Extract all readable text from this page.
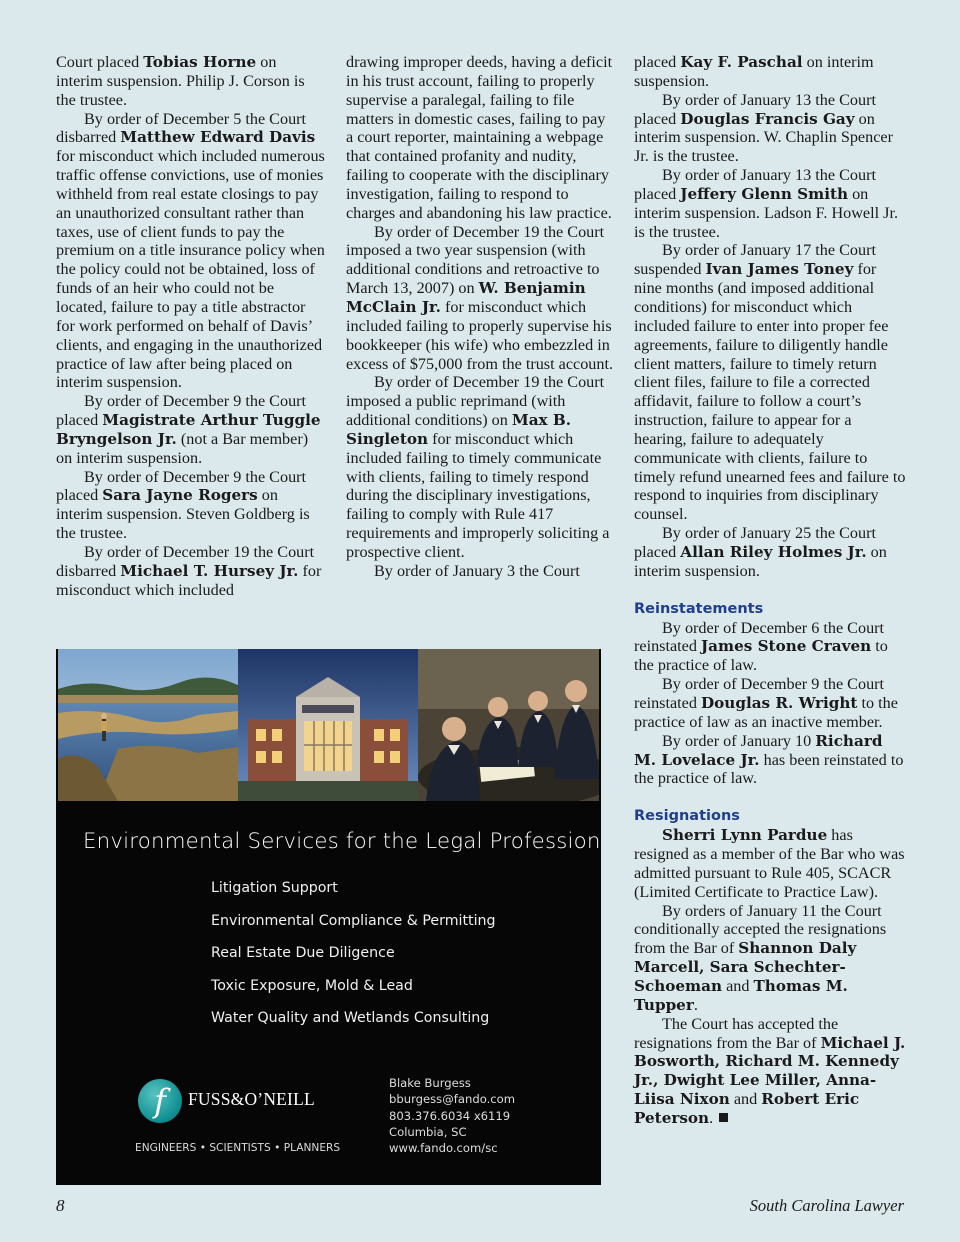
Court placed Tobias Horne on interim suspension. Philip J. Corson is the trustee.

By order of December 5 the Court disbarred Matthew Edward Davis for misconduct which included numerous traffic offense convictions, use of monies withheld from real estate closings to pay an unauthorized consultant rather than taxes, use of client funds to pay the premium on a title insurance policy when the policy could not be obtained, loss of funds of an heir who could not be located, failure to pay a title abstractor for work performed on behalf of Davis’ clients, and engaging in the unauthorized practice of law after being placed on interim suspension.

By order of December 9 the Court placed Magistrate Arthur Tuggle Bryngelson Jr. (not a Bar member) on interim suspension.

By order of December 9 the Court placed Sara Jayne Rogers on interim suspension. Steven Goldberg is the trustee.

By order of December 19 the Court disbarred Michael T. Hursey Jr. for misconduct which included

drawing improper deeds, having a deficit in his trust account, failing to properly supervise a paralegal, failing to file matters in domestic cases, failing to pay a court reporter, maintaining a webpage that contained profanity and nudity, failing to cooperate with the disciplinary investigation, failing to respond to charges and abandoning his law practice.

By order of December 19 the Court imposed a two year suspension (with additional conditions and retroactive to March 13, 2007) on W. Benjamin McClain Jr. for misconduct which included failing to properly supervise his bookkeeper (his wife) who embezzled in excess of $75,000 from the trust account.

By order of December 19 the Court imposed a public reprimand (with additional conditions) on Max B. Singleton for misconduct which included failing to timely communicate with clients, failing to timely respond during the disciplinary investigations, failing to comply with Rule 417 requirements and improperly soliciting a prospective client.

By order of January 3 the Court

placed Kay F. Paschal on interim suspension.

By order of January 13 the Court placed Douglas Francis Gay on interim suspension. W. Chaplin Spencer Jr. is the trustee.

By order of January 13 the Court placed Jeffery Glenn Smith on interim suspension. Ladson F. Howell Jr. is the trustee.

By order of January 17 the Court suspended Ivan James Toney for nine months (and imposed additional conditions) for misconduct which included failure to enter into proper fee agreements, failure to diligently handle client matters, failure to timely return client files, failure to file a corrected affidavit, failure to follow a court’s instruction, failure to appear for a hearing, failure to adequately communicate with clients, failure to timely refund unearned fees and failure to respond to inquiries from disciplinary counsel.

By order of January 25 the Court placed Allan Riley Holmes Jr. on interim suspension.

Reinstatements

By order of December 6 the Court reinstated James Stone Craven to the practice of law.

By order of December 9 the Court reinstated Douglas R. Wright to the practice of law as an inactive member.

By order of January 10 Richard M. Lovelace Jr. has been reinstated to the practice of law.

Resignations

Sherri Lynn Pardue has resigned as a member of the Bar who was admitted pursuant to Rule 405, SCACR (Limited Certificate to Practice Law).

By orders of January 11 the Court conditionally accepted the resignations from the Bar of Shannon Daly Marcell, Sara Schechter-Schoeman and Thomas M. Tupper.

The Court has accepted the resignations from the Bar of Michael J. Bosworth, Richard M. Kennedy Jr., Dwight Lee Miller, Anna-Liisa Nixon and Robert Eric Peterson.

Environmental Services for the Legal Profession
Litigation Support
Environmental Compliance & Permitting
Real Estate Due Diligence
Toxic Exposure, Mold & Lead
Water Quality and Wetlands Consulting
f	FUSS&O’NEILL
ENGINEERS • SCIENTISTS • PLANNERS
Blake Burgess
bburgess@fando.com
803.376.6034 x6119
Columbia, SC
www.fando.com/sc
8	South Carolina Lawyer
